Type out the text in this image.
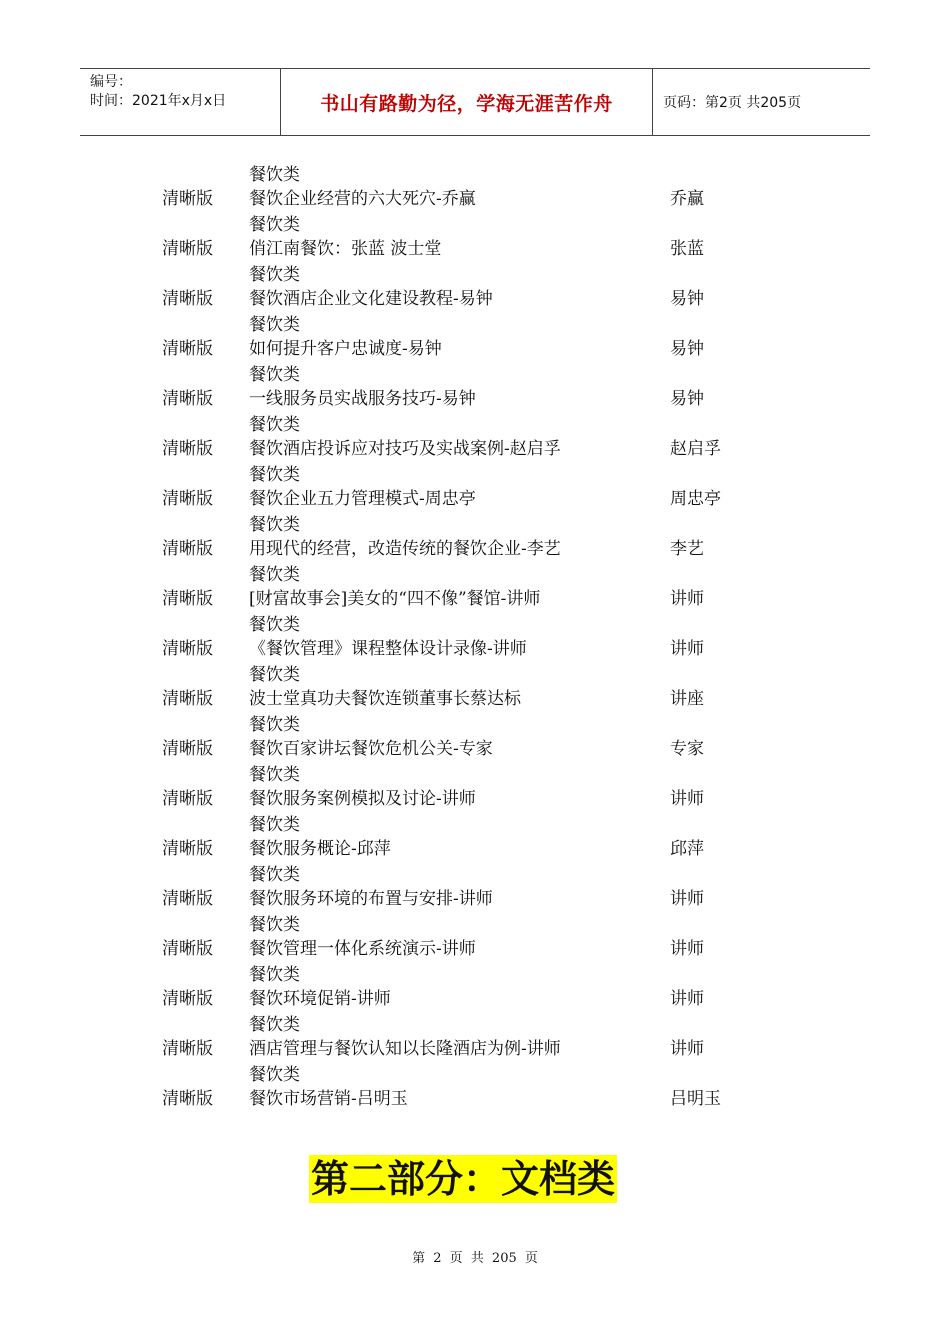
编号：
时间：2021年x月x日	书山有路勤为径，学海无涯苦作舟	页码：第2页 共205页
餐饮类
清晰版 餐饮企业经营的六大死穴-乔赢	乔赢
餐饮类
清晰版 俏江南餐饮：张蓝 波士堂	张蓝
餐饮类
清晰版 餐饮酒店企业文化建设教程-易钟	易钟
餐饮类
清晰版 如何提升客户忠诚度-易钟	易钟
餐饮类
清晰版 一线服务员实战服务技巧-易钟	易钟
餐饮类
清晰版 餐饮酒店投诉应对技巧及实战案例-赵启孚	赵启孚
餐饮类
清晰版 餐饮企业五力管理模式-周忠亭	周忠亭
餐饮类
清晰版 用现代的经营，改造传统的餐饮企业-李艺	李艺
餐饮类
清晰版 [财富故事会]美女的“四不像”餐馆-讲师	讲师
餐饮类
清晰版 《餐饮管理》课程整体设计录像-讲师	讲师
餐饮类
清晰版 波士堂真功夫餐饮连锁董事长蔡达标	讲座
餐饮类
清晰版 餐饮百家讲坛餐饮危机公关-专家	专家
餐饮类
清晰版 餐饮服务案例模拟及讨论-讲师	讲师
餐饮类
清晰版 餐饮服务概论-邱萍	邱萍
餐饮类
清晰版 餐饮服务环境的布置与安排-讲师	讲师
餐饮类
清晰版 餐饮管理一体化系统演示-讲师	讲师
餐饮类
清晰版 餐饮环境促销-讲师	讲师
餐饮类
清晰版 酒店管理与餐饮认知以长隆酒店为例-讲师	讲师
餐饮类
清晰版 餐饮市场营销-吕明玉	吕明玉
第二部分：文档类
第 2 页 共 205 页
